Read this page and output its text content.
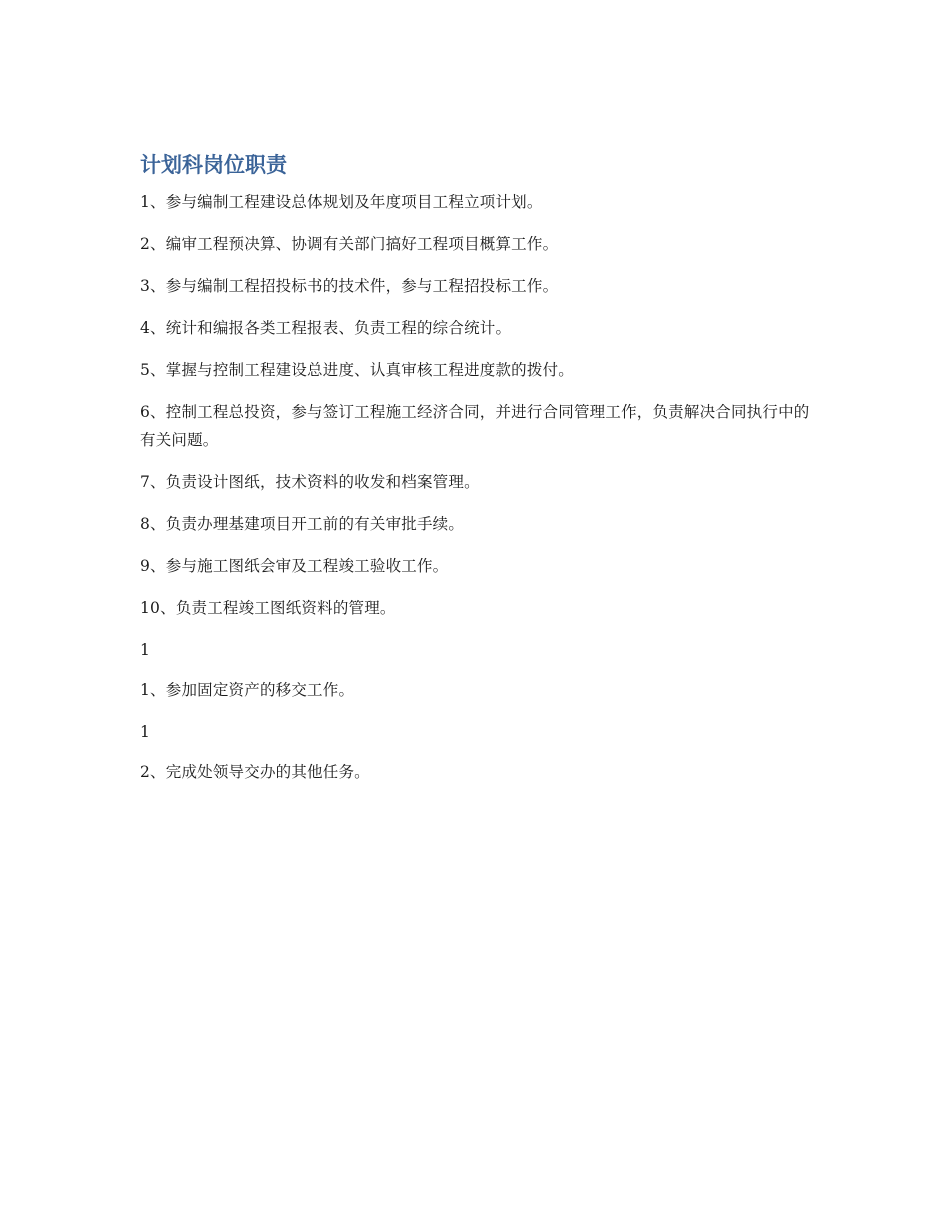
计划科岗位职责

1、参与编制工程建设总体规划及年度项目工程立项计划。

2、编审工程预决算、协调有关部门搞好工程项目概算工作。

3、参与编制工程招投标书的技术件，参与工程招投标工作。

4、统计和编报各类工程报表、负责工程的综合统计。

5、掌握与控制工程建设总进度、认真审核工程进度款的拨付。

6、控制工程总投资，参与签订工程施工经济合同，并进行合同管理工作，负责解决合同执行中的有关问题。

7、负责设计图纸，技术资料的收发和档案管理。

8、负责办理基建项目开工前的有关审批手续。

9、参与施工图纸会审及工程竣工验收工作。

10、负责工程竣工图纸资料的管理。

1

1、参加固定资产的移交工作。

1

2、完成处领导交办的其他任务。
